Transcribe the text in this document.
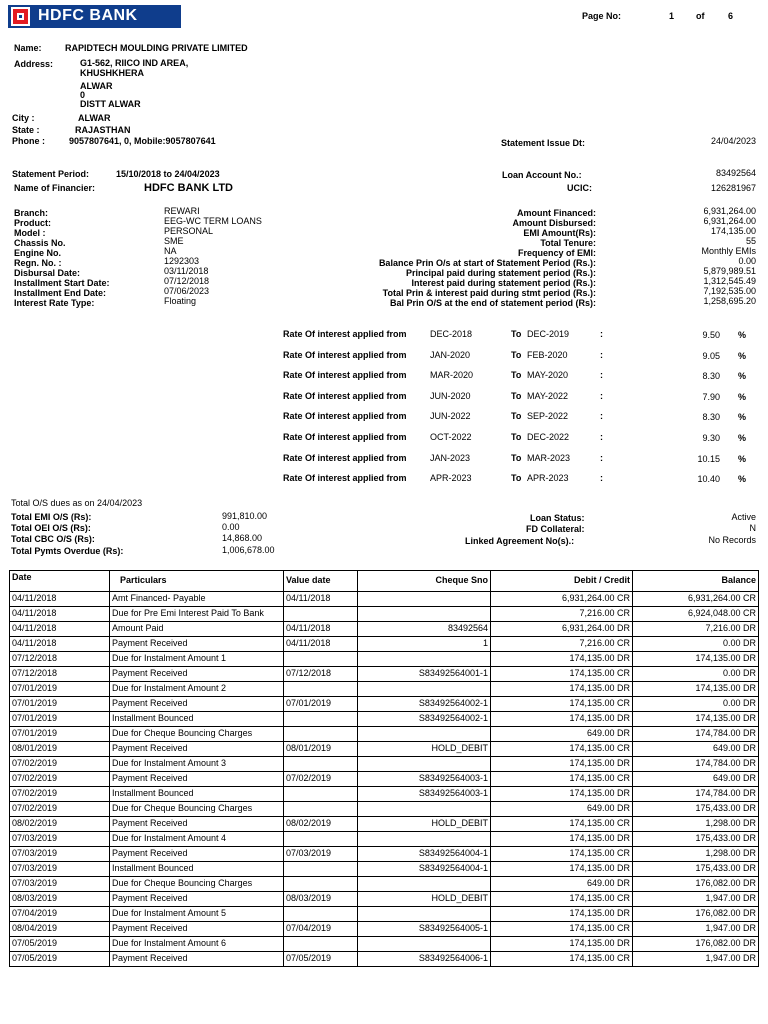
HDFC BANK	Page No:	1 of	6
Name:	RAPIDTECH MOULDING PRIVATE LIMITED
Address:	G1-562, RIICO IND AREA,
KHUSHKHERA
ALWAR
0
DISTT ALWAR
City :	ALWAR
State :	RAJASTHAN
Phone :	9057807641, 0, Mobile:9057807641	Statement Issue Dt:	24/04/2023
Statement Period:	15/10/2018 to 24/04/2023
Name of Financier:	HDFC BANK LTD
Loan Account No.:	83492564
UCIC:	126281967
Branch:	REWARI
Product:	EEG-WC TERM LOANS
Model :	PERSONAL
Chassis No.	SME
Engine No.	NA
Regn. No. :	1292303
Disbursal Date:	03/11/2018
Installment Start Date:	07/12/2018
Installment End Date:	07/06/2023
Interest Rate Type:	Floating
Amount Financed:	6,931,264.00
Amount Disbursed:	6,931,264.00
EMI Amount(Rs):	174,135.00
Total Tenure:	55
Frequency of EMI:	Monthly EMIs
Balance Prin O/s at start of Statement Period (Rs.):	0.00
Principal paid during statement period (Rs.):	5,879,989.51
Interest paid during statement period (Rs.):	1,312,545.49
Total Prin & interest paid during stmt period (Rs.):	7,192,535.00
Bal Prin O/S at the end of statement period (Rs):	1,258,695.20
Rate Of interest applied from	DEC-2018	To DEC-2019	:	9.50 %
Rate Of interest applied from	JAN-2020	To FEB-2020	:	9.05 %
Rate Of interest applied from	MAR-2020	To MAY-2020	:	8.30 %
Rate Of interest applied from	JUN-2020	To MAY-2022	:	7.90 %
Rate Of interest applied from	JUN-2022	To SEP-2022	:	8.30 %
Rate Of interest applied from	OCT-2022	To DEC-2022	:	9.30 %
Rate Of interest applied from	JAN-2023	To MAR-2023	:	10.15 %
Rate Of interest applied from	APR-2023	To APR-2023	:	10.40 %
Total O/S dues as on 24/04/2023
Total EMI O/S (Rs):	991,810.00
Total OEI O/S (Rs):	0.00
Total CBC O/S (Rs):	14,868.00
Total Pymts Overdue (Rs):	1,006,678.00
Loan Status:	Active
FD Collateral:	N
Linked Agreement No(s).:	No Records
Date	Particulars	Value date	Cheque Sno	Debit / Credit	Balance
04/11/2018	Amt Financed- Payable	04/11/2018		6,931,264.00 CR	6,931,264.00 CR
04/11/2018	Due for Pre Emi Interest Paid To Bank			7,216.00 CR	6,924,048.00 CR
04/11/2018	Amount Paid	04/11/2018	83492564	6,931,264.00 DR	7,216.00 DR
04/11/2018	Payment Received	04/11/2018	1	7,216.00 CR	0.00 DR
07/12/2018	Due for Instalment Amount 1			174,135.00 DR	174,135.00 DR
07/12/2018	Payment Received	07/12/2018	S83492564001-1	174,135.00 CR	0.00 DR
07/01/2019	Due for Instalment Amount 2			174,135.00 DR	174,135.00 DR
07/01/2019	Payment Received	07/01/2019	S83492564002-1	174,135.00 CR	0.00 DR
07/01/2019	Installment Bounced		S83492564002-1	174,135.00 DR	174,135.00 DR
07/01/2019	Due for Cheque Bouncing Charges			649.00 DR	174,784.00 DR
08/01/2019	Payment Received	08/01/2019	HOLD_DEBIT	174,135.00 CR	649.00 DR
07/02/2019	Due for Instalment Amount 3			174,135.00 DR	174,784.00 DR
07/02/2019	Payment Received	07/02/2019	S83492564003-1	174,135.00 CR	649.00 DR
07/02/2019	Installment Bounced		S83492564003-1	174,135.00 DR	174,784.00 DR
07/02/2019	Due for Cheque Bouncing Charges			649.00 DR	175,433.00 DR
08/02/2019	Payment Received	08/02/2019	HOLD_DEBIT	174,135.00 CR	1,298.00 DR
07/03/2019	Due for Instalment Amount 4			174,135.00 DR	175,433.00 DR
07/03/2019	Payment Received	07/03/2019	S83492564004-1	174,135.00 CR	1,298.00 DR
07/03/2019	Installment Bounced		S83492564004-1	174,135.00 DR	175,433.00 DR
07/03/2019	Due for Cheque Bouncing Charges			649.00 DR	176,082.00 DR
08/03/2019	Payment Received	08/03/2019	HOLD_DEBIT	174,135.00 CR	1,947.00 DR
07/04/2019	Due for Instalment Amount 5			174,135.00 DR	176,082.00 DR
08/04/2019	Payment Received	07/04/2019	S83492564005-1	174,135.00 CR	1,947.00 DR
07/05/2019	Due for Instalment Amount 6			174,135.00 DR	176,082.00 DR
07/05/2019	Payment Received	07/05/2019	S83492564006-1	174,135.00 CR	1,947.00 DR
